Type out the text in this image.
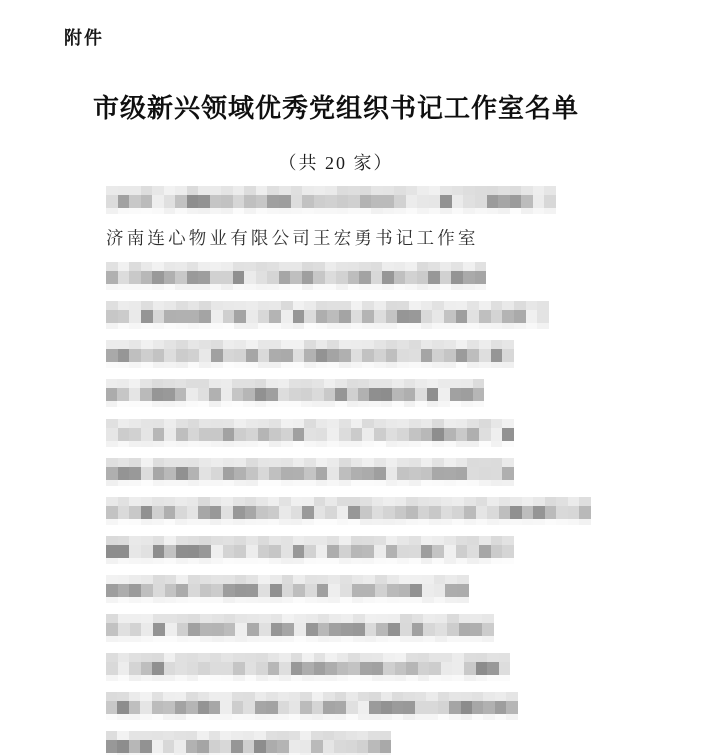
附件
市级新兴领域优秀党组织书记工作室名单
（共 20 家）
济南连心物业有限公司王宏勇书记工作室
